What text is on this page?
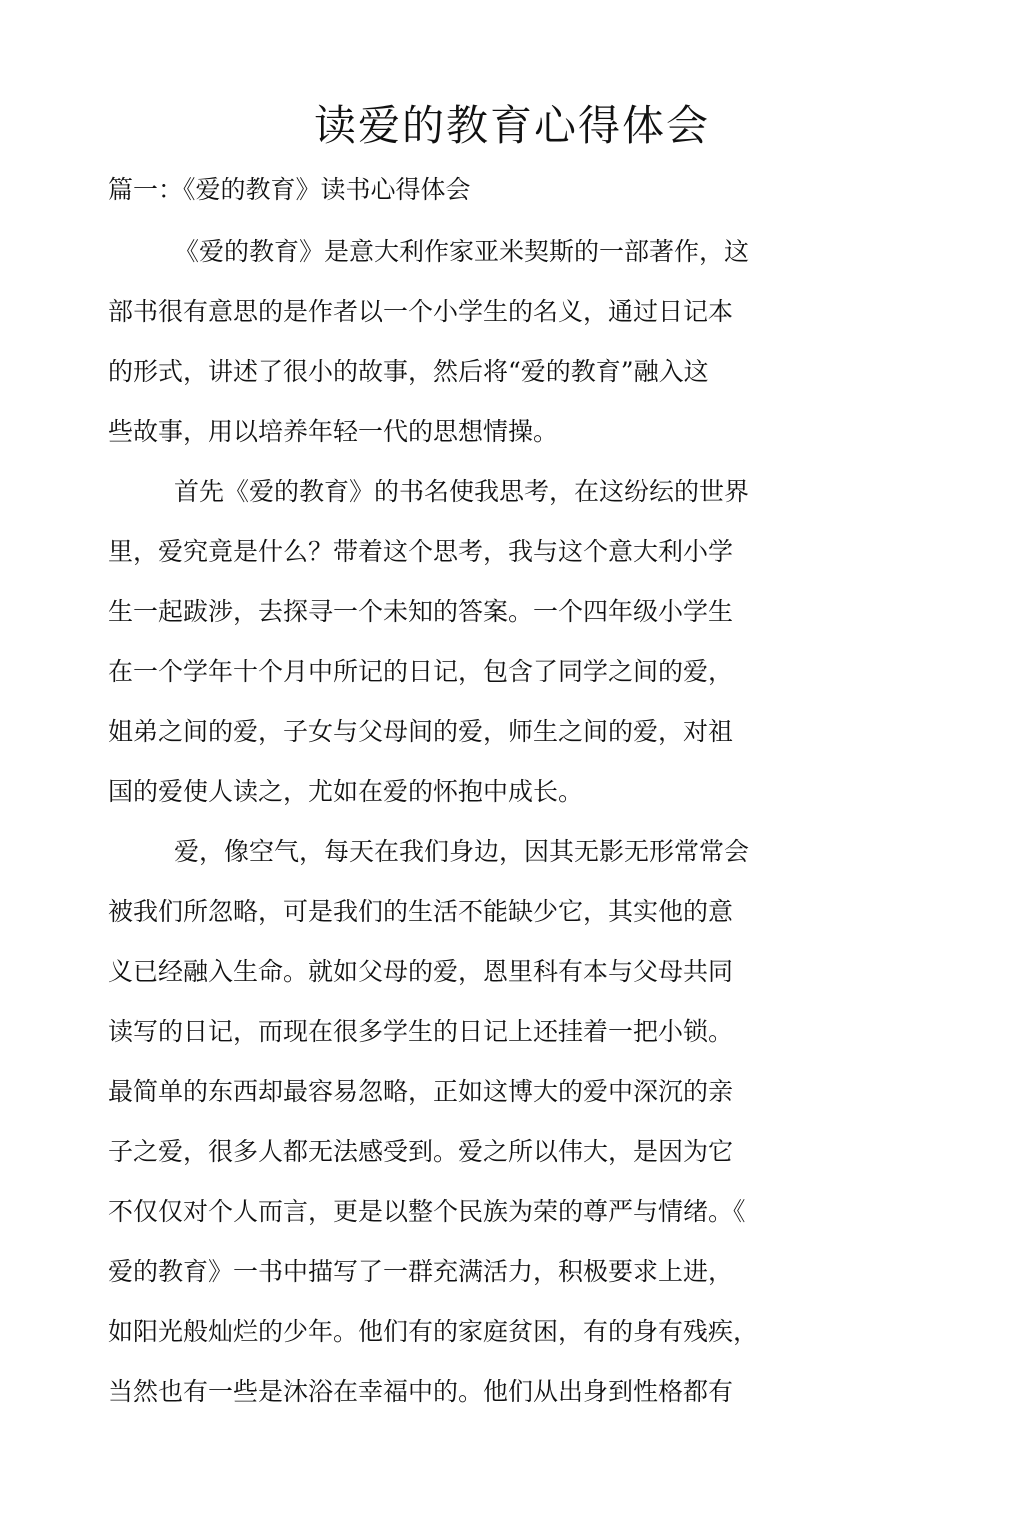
读爱的教育心得体会

篇一：《爱的教育》读书心得体会

《爱的教育》是意大利作家亚米契斯的一部著作，这

部书很有意思的是作者以一个小学生的名义，通过日记本

的形式，讲述了很小的故事，然后将“爱的教育”融入这

些故事，用以培养年轻一代的思想情操。

首先《爱的教育》的书名使我思考，在这纷纭的世界

里，爱究竟是什么？带着这个思考，我与这个意大利小学

生一起跋涉，去探寻一个未知的答案。一个四年级小学生

在一个学年十个月中所记的日记，包含了同学之间的爱，

姐弟之间的爱，子女与父母间的爱，师生之间的爱，对祖

国的爱使人读之，尤如在爱的怀抱中成长。

爱，像空气，每天在我们身边，因其无影无形常常会

被我们所忽略，可是我们的生活不能缺少它，其实他的意

义已经融入生命。就如父母的爱，恩里科有本与父母共同

读写的日记，而现在很多学生的日记上还挂着一把小锁。

最简单的东西却最容易忽略，正如这博大的爱中深沉的亲

子之爱，很多人都无法感受到。爱之所以伟大，是因为它

不仅仅对个人而言，更是以整个民族为荣的尊严与情绪。《

爱的教育》一书中描写了一群充满活力，积极要求上进，

如阳光般灿烂的少年。他们有的家庭贫困，有的身有残疾，

当然也有一些是沐浴在幸福中的。他们从出身到性格都有
